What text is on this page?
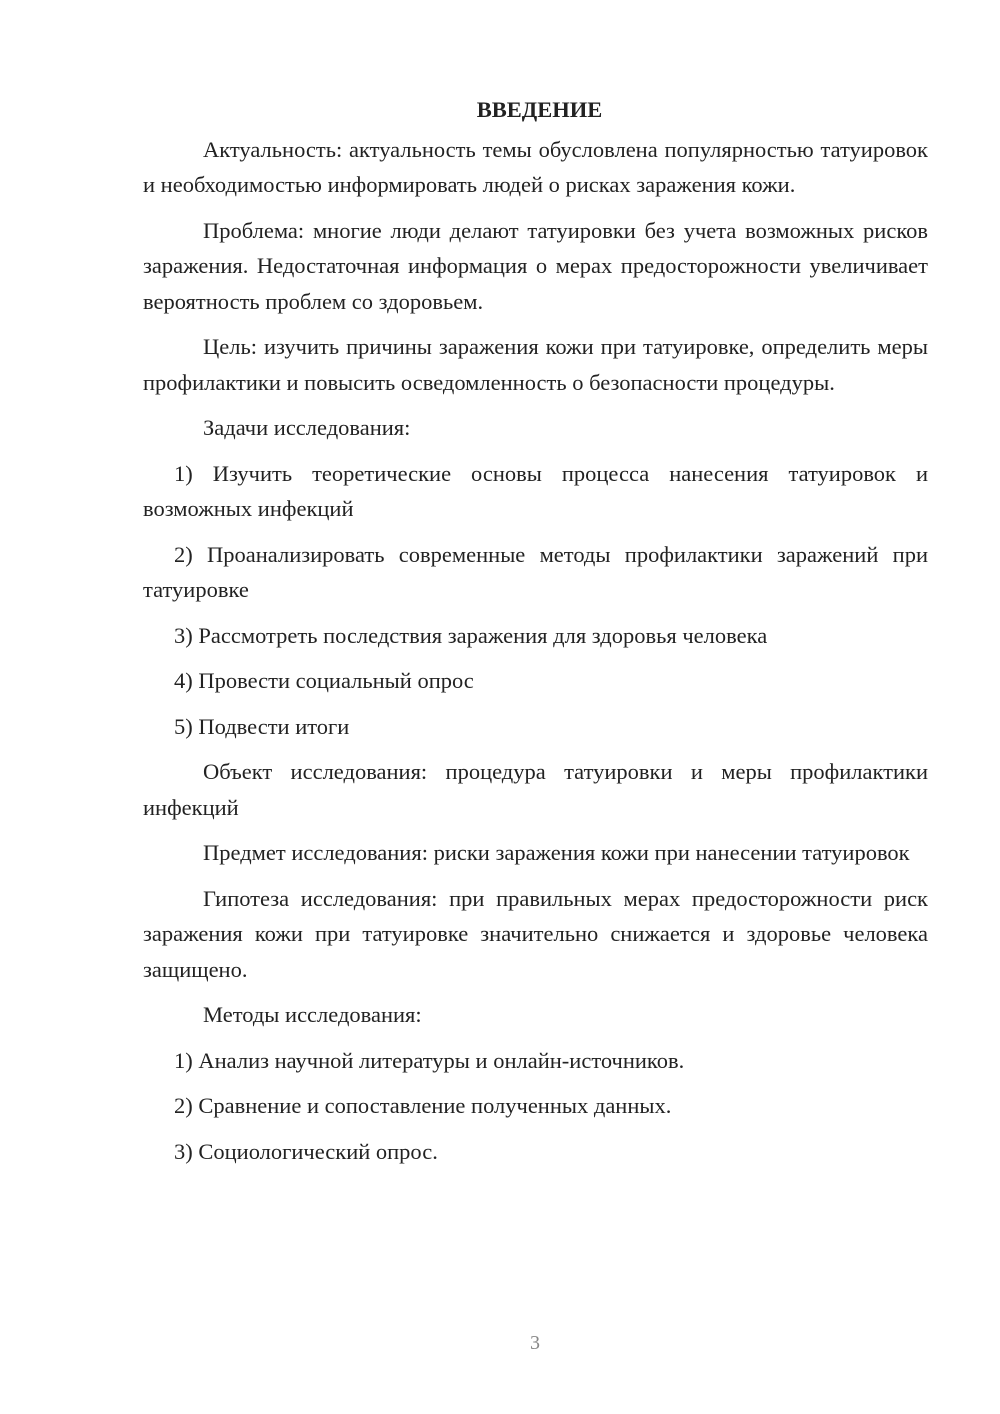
ВВЕДЕНИЕ

Актуальность: актуальность темы обусловлена популярностью татуировок и необходимостью информировать людей о рисках заражения кожи.

Проблема: многие люди делают татуировки без учета возможных рисков заражения. Недостаточная информация о мерах предосторожности увеличивает вероятность проблем со здоровьем.

Цель: изучить причины заражения кожи при татуировке, определить меры профилактики и повысить осведомленность о безопасности процедуры.

Задачи исследования:

1) Изучить теоретические основы процесса нанесения татуировок и возможных инфекций

2) Проанализировать современные методы профилактики заражений при татуировке

3) Рассмотреть последствия заражения для здоровья человека

4) Провести социальный опрос

5) Подвести итоги

Объект исследования: процедура татуировки и меры профилактики инфекций

Предмет исследования: риски заражения кожи при нанесении татуировок

Гипотеза исследования: при правильных мерах предосторожности риск заражения кожи при татуировке значительно снижается и здоровье человека защищено.

Методы исследования:

1) Анализ научной литературы и онлайн-источников.

2) Сравнение и сопоставление полученных данных.

3) Социологический опрос.

3
